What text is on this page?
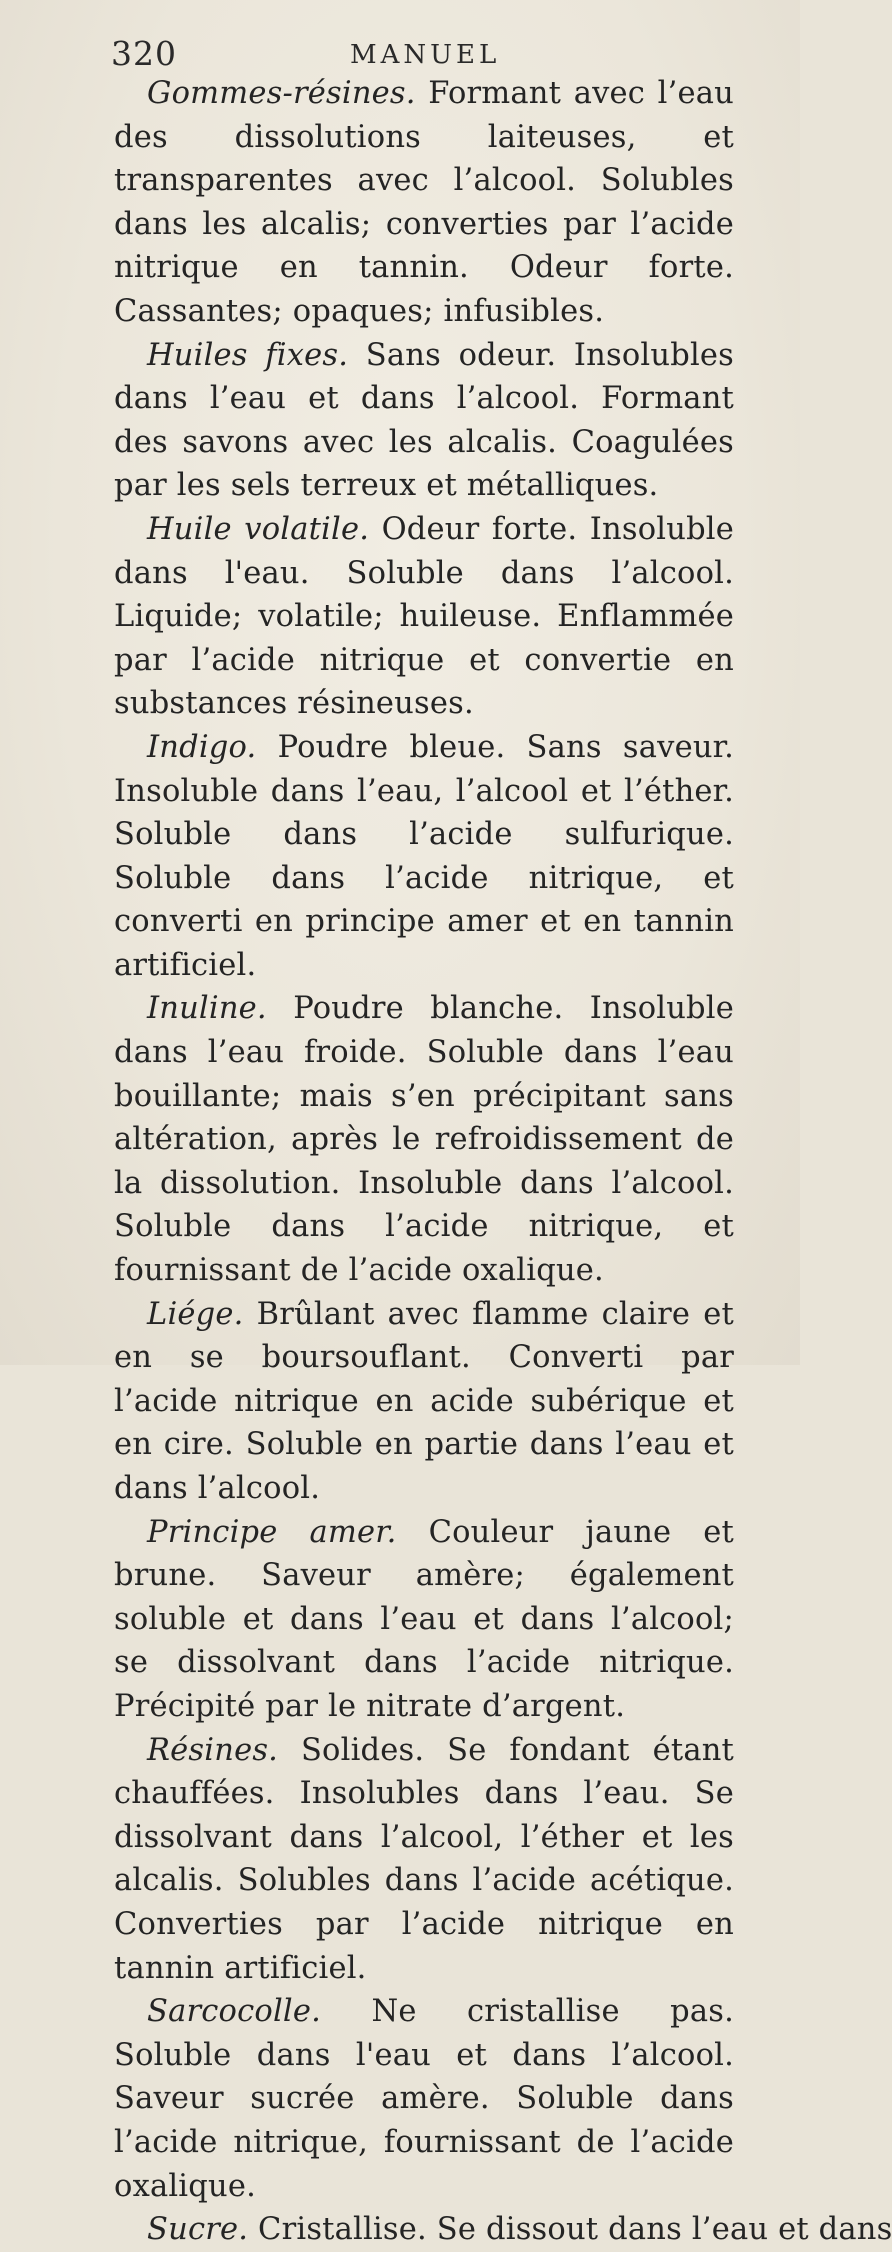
320	MANUEL

Gommes-résines. Formant avec l’eau des dissolutions laiteuses, et transparentes avec l’alcool. Solubles dans les alcalis; converties par l’acide nitrique en tannin. Odeur forte. Cassantes; opaques; infusibles.

Huiles fixes. Sans odeur. Insolubles dans l’eau et dans l’alcool. Formant des savons avec les alcalis. Coagulées par les sels terreux et métalliques.

Huile volatile. Odeur forte. Insoluble dans l'eau. Soluble dans l’alcool. Liquide; volatile; huileuse. Enflammée par l’acide nitrique et convertie en substances résineuses.

Indigo. Poudre bleue. Sans saveur. Insoluble dans l’eau, l’alcool et l’éther. Soluble dans l’acide sulfurique. Soluble dans l’acide nitrique, et converti en principe amer et en tannin artificiel.

Inuline. Poudre blanche. Insoluble dans l’eau froide. Soluble dans l’eau bouillante; mais s’en précipitant sans altération, après le refroidissement de la dissolution. Insoluble dans l’alcool. Soluble dans l’acide nitrique, et fournissant de l’acide oxalique.

Liége. Brûlant avec flamme claire et en se boursouflant. Converti par l’acide nitrique en acide subérique et en cire. Soluble en partie dans l’eau et dans l’alcool.

Principe amer. Couleur jaune et brune. Saveur amère; également soluble et dans l’eau et dans l’alcool; se dissolvant dans l’acide nitrique. Précipité par le nitrate d’argent.

Résines. Solides. Se fondant étant chauffées. Insolubles dans l’eau. Se dissolvant dans l’alcool, l’éther et les alcalis. Solubles dans l’acide acétique. Converties par l’acide nitrique en tannin artificiel.

Sarcocolle. Ne cristallise pas. Soluble dans l'eau et dans l’alcool. Saveur sucrée amère. Soluble dans l’acide nitrique, fournissant de l’acide oxalique.

Sucre. Cristallise. Se dissout dans l’eau et dans
